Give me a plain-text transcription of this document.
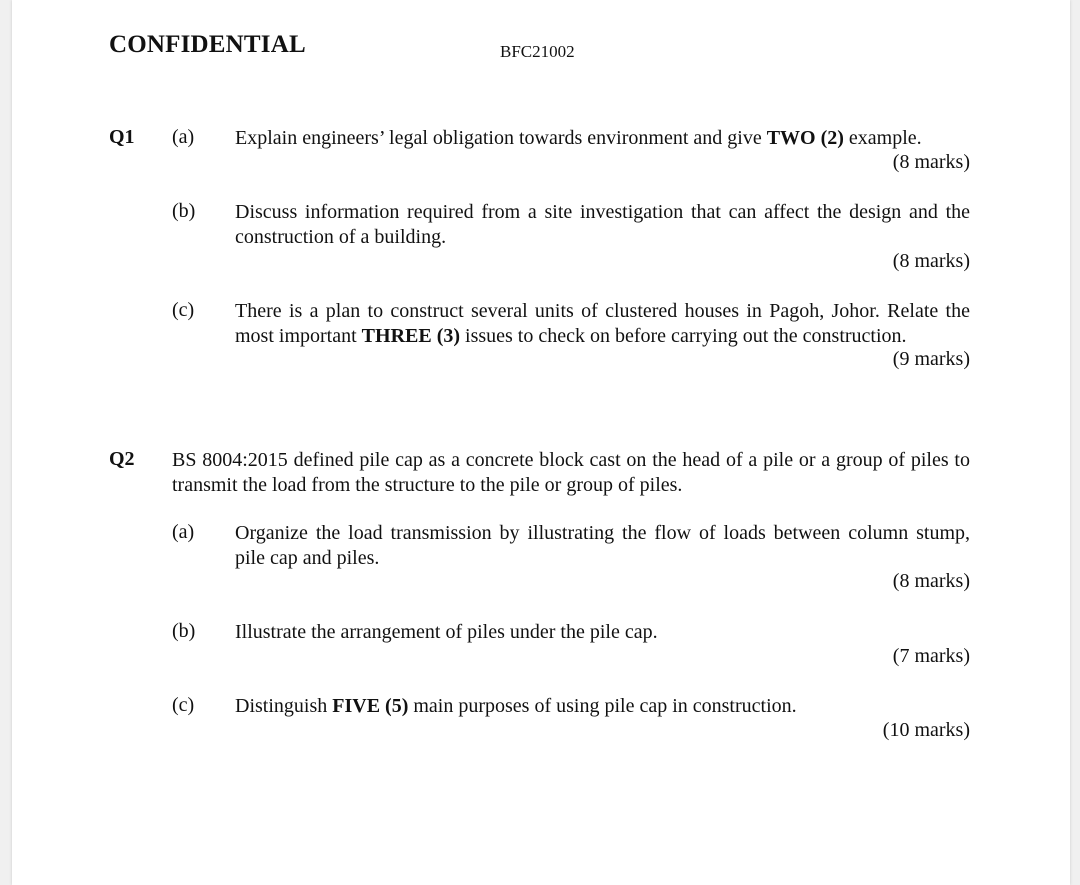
CONFIDENTIAL	BFC21002
Q1 (a) Explain engineers’ legal obligation towards environment and give TWO (2) example.
(8 marks)
(b) Discuss information required from a site investigation that can affect the design and the construction of a building.
(8 marks)
(c) There is a plan to construct several units of clustered houses in Pagoh, Johor. Relate the most important THREE (3) issues to check on before carrying out the construction.
(9 marks)
Q2 BS 8004:2015 defined pile cap as a concrete block cast on the head of a pile or a group of piles to transmit the load from the structure to the pile or group of piles.
(a) Organize the load transmission by illustrating the flow of loads between column stump, pile cap and piles.
(8 marks)
(b) Illustrate the arrangement of piles under the pile cap.
(7 marks)
(c) Distinguish FIVE (5) main purposes of using pile cap in construction.
(10 marks)
